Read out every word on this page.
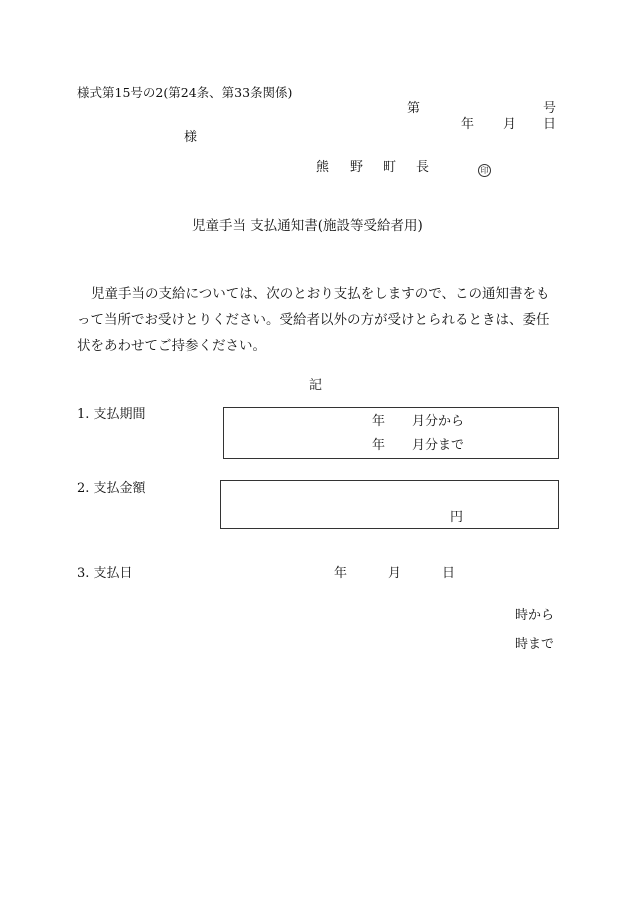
様式第15号の2(第24条、第33条関係)
第	号
年 月 日
様
熊 野 町 長	印
児童手当 支払通知書(施設等受給者用)

児童手当の支給については、次のとおり支払をしますので、この通知書をも

って当所でお受けとりください。受給者以外の方が受けとられるときは、委任

状をあわせてご持参ください。

記
1. 支払期間	年 月分から
年 月分まで
2. 支払金額
円
3. 支払日	年	月	日
時から
時まで
